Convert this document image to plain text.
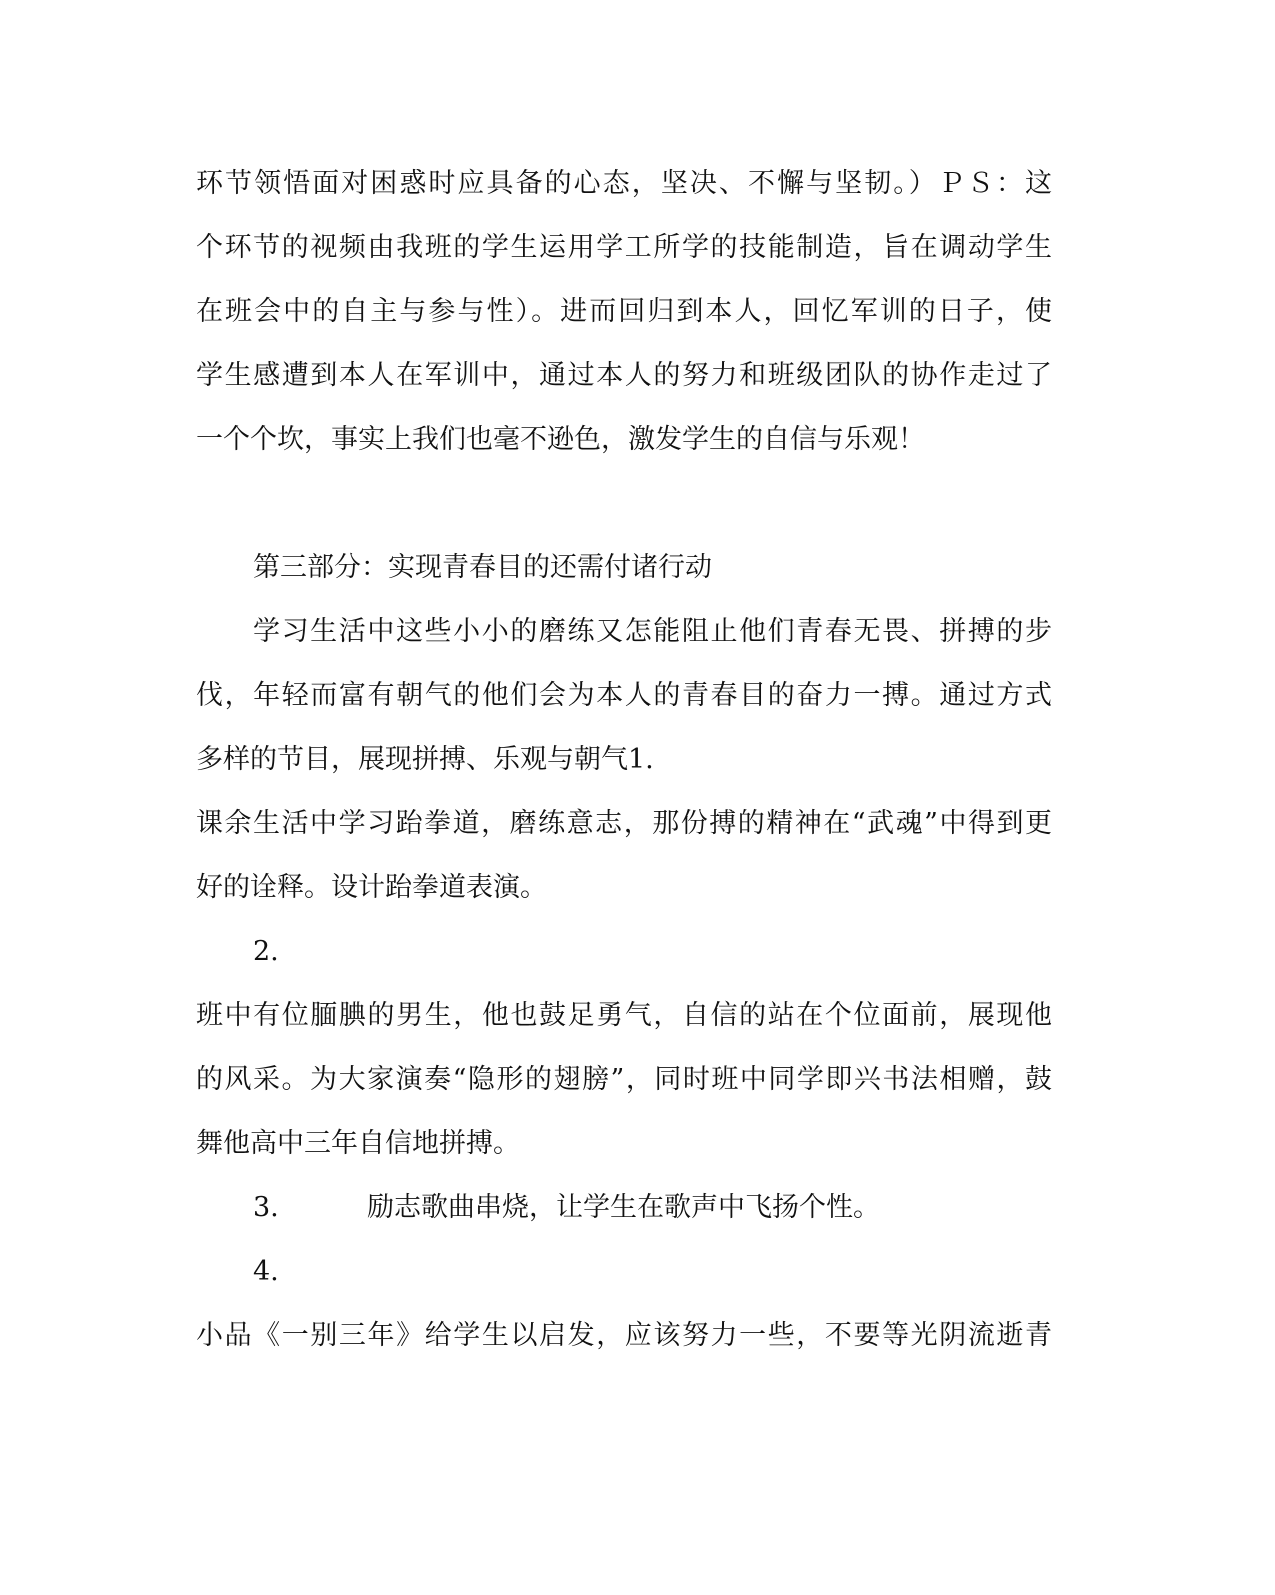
环节领悟面对困惑时应具备的心态，坚决、不懈与坚韧。）ＰＳ：这

个环节的视频由我班的学生运用学工所学的技能制造，旨在调动学生

在班会中的自主与参与性）。进而回归到本人，回忆军训的日子，使

学生感遭到本人在军训中，通过本人的努力和班级团队的协作走过了

一个个坎，事实上我们也毫不逊色，激发学生的自信与乐观！

第三部分：实现青春目的还需付诸行动

学习生活中这些小小的磨练又怎能阻止他们青春无畏、拼搏的步

伐，年轻而富有朝气的他们会为本人的青春目的奋力一搏。通过方式

多样的节目，展现拼搏、乐观与朝气1.

课余生活中学习跆拳道，磨练意志，那份搏的精神在“武魂”中得到更

好的诠释。设计跆拳道表演。

2.

班中有位腼腆的男生，他也鼓足勇气，自信的站在个位面前，展现他

的风采。为大家演奏“隐形的翅膀”，同时班中同学即兴书法相赠，鼓

舞他高中三年自信地拼搏。

3.	励志歌曲串烧，让学生在歌声中飞扬个性。

4.

小品《一别三年》给学生以启发，应该努力一些，不要等光阴流逝青
